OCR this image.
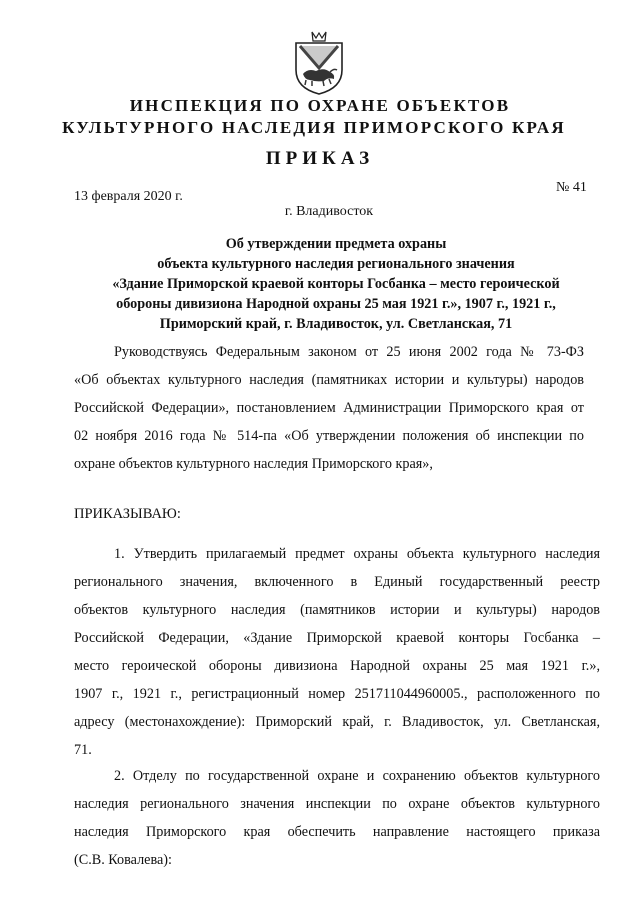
ИНСПЕКЦИЯ ПО ОХРАНЕ ОБЪЕКТОВ
КУЛЬТУРНОГО НАСЛЕДИЯ ПРИМОРСКОГО КРАЯ
ПРИКАЗ
№ 41
13 февраля 2020 г.
г. Владивосток
Об утверждении предмета охраны
объекта культурного наследия регионального значения
«Здание Приморской краевой конторы Госбанка – место героической
обороны дивизиона Народной охраны 25 мая 1921 г.», 1907 г., 1921 г.,
Приморский край, г. Владивосток, ул. Светланская, 71
Руководствуясь Федеральным законом от 25 июня 2002 года № 73-ФЗ
«Об объектах культурного наследия (памятниках истории и культуры) народов
Российской Федерации», постановлением Администрации Приморского края от
02 ноября 2016 года № 514-па «Об утверждении положения об инспекции по
охране объектов культурного наследия Приморского края»,
ПРИКАЗЫВАЮ:
1. Утвердить прилагаемый предмет охраны объекта культурного наследия
регионального значения, включенного в Единый государственный реестр
объектов культурного наследия (памятников истории и культуры) народов
Российской Федерации, «Здание Приморской краевой конторы Госбанка –
место героической обороны дивизиона Народной охраны 25 мая 1921 г.»,
1907 г., 1921 г., регистрационный номер 251711044960005., расположенного по
адресу (местонахождение): Приморский край, г. Владивосток, ул. Светланская,
71.
2. Отделу по государственной охране и сохранению объектов культурного
наследия регионального значения инспекции по охране объектов культурного
наследия Приморского края обеспечить направление настоящего приказа
(С.В. Ковалева):
